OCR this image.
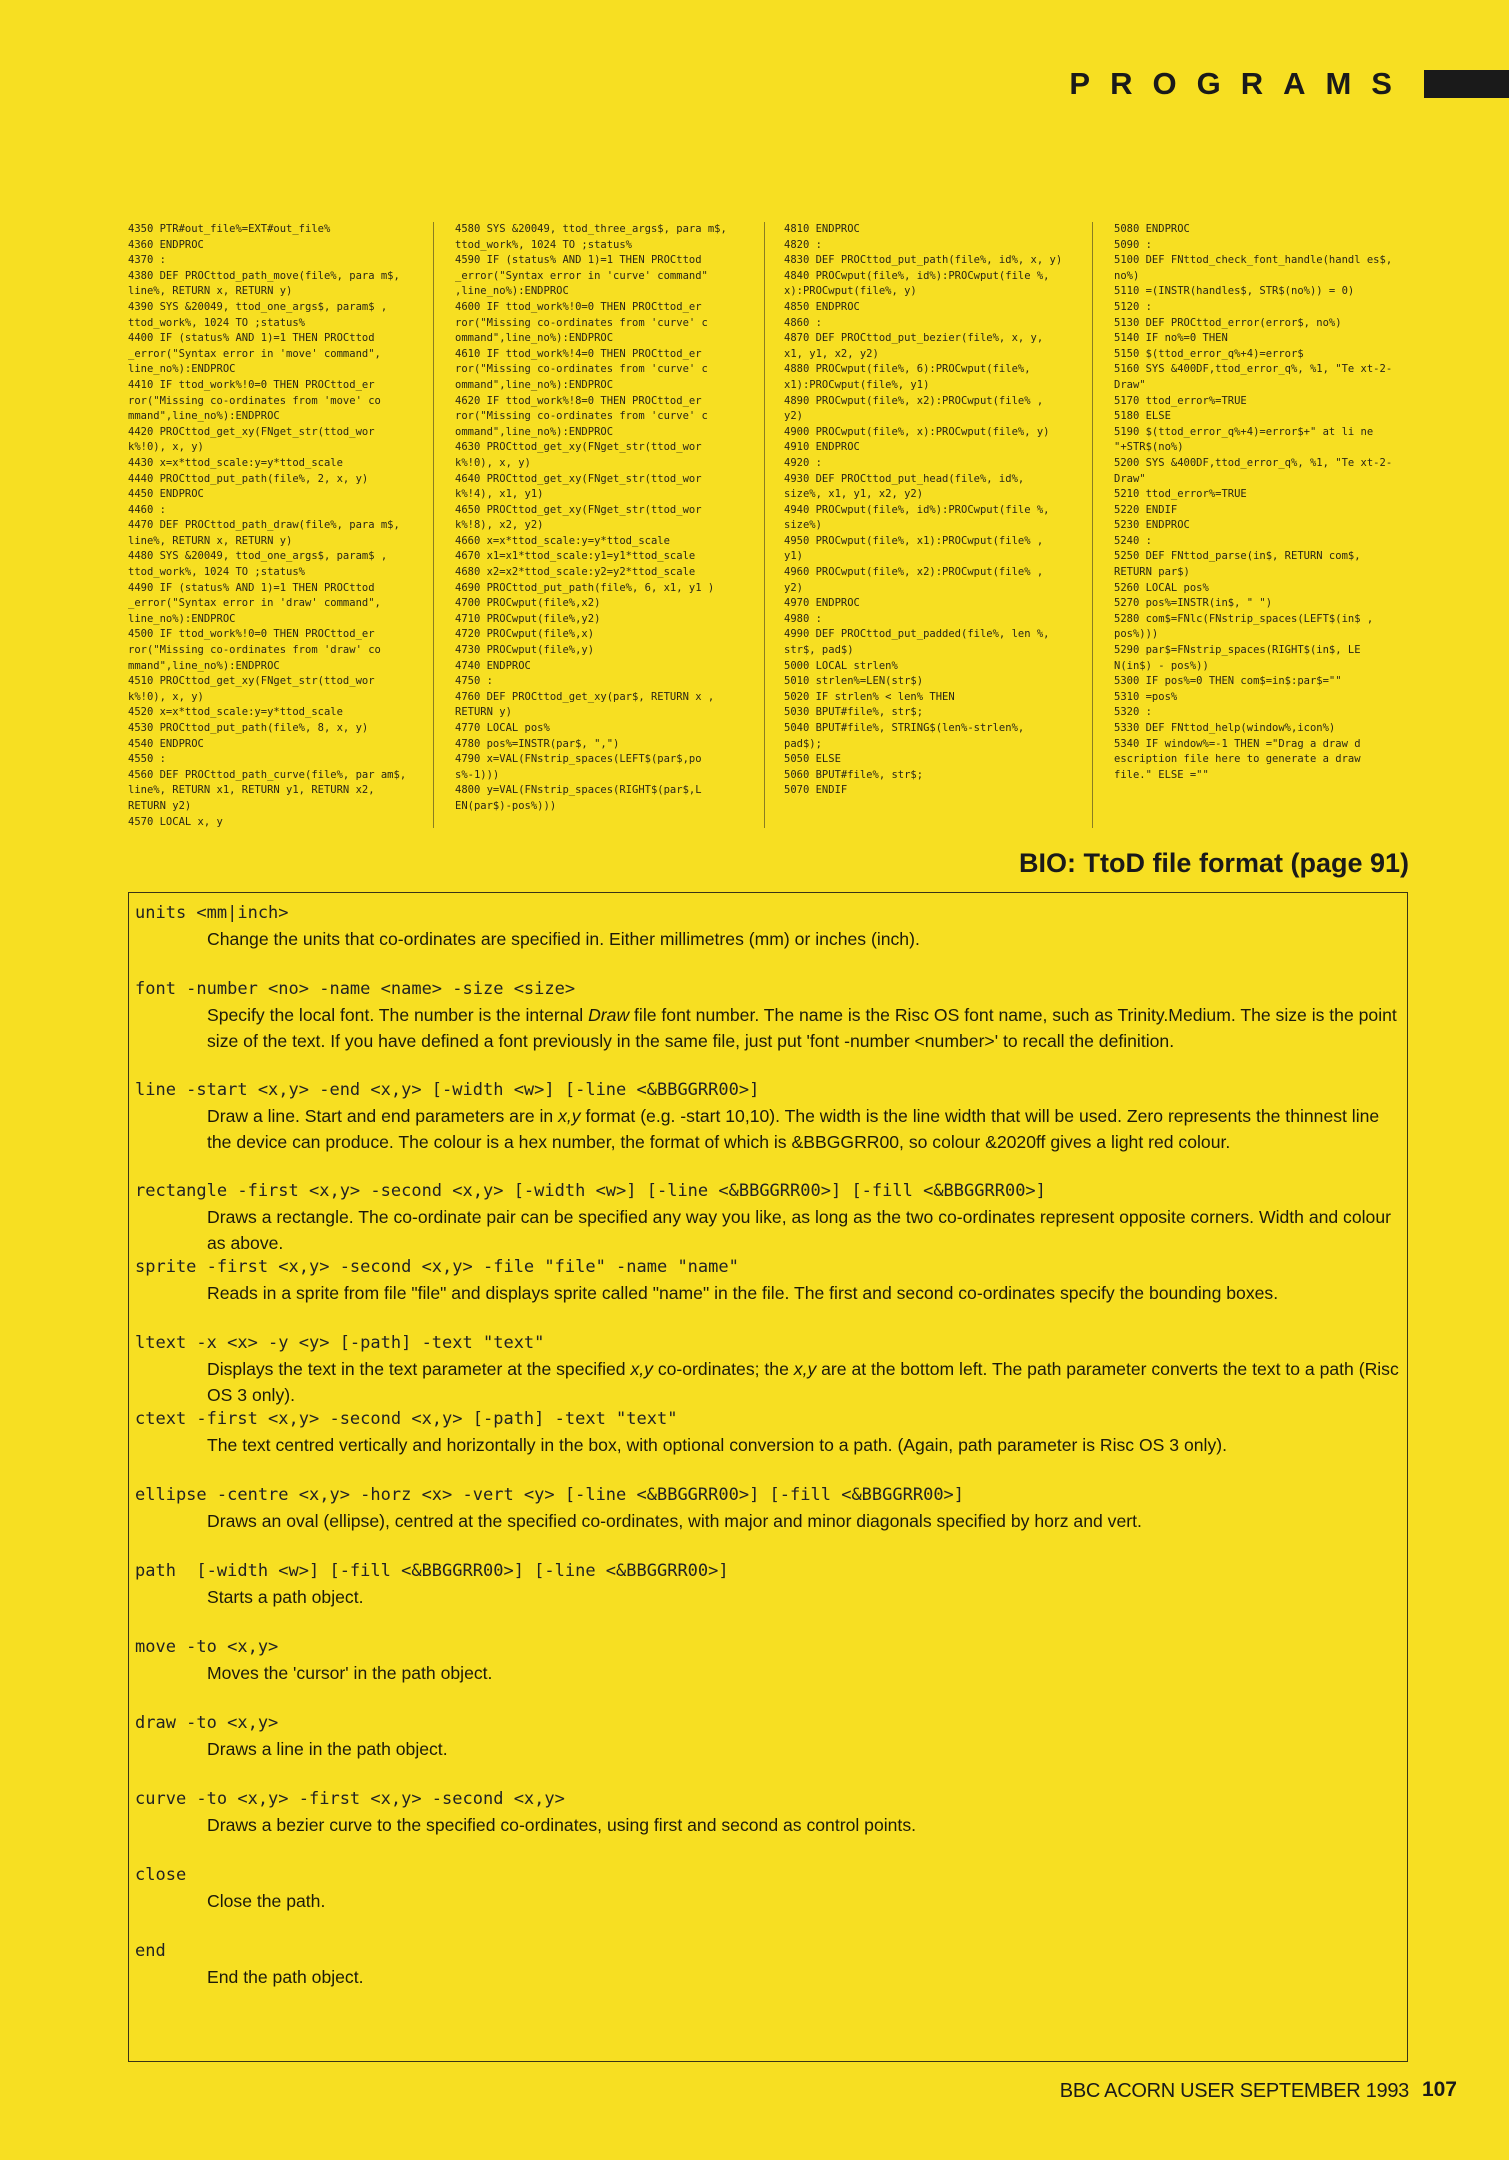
PROGRAMS
4350 PTR#out_file%=EXT#out_file%
4360 ENDPROC
4370 :
4380 DEF PROCttod_path_move(file%, para m$, line%, RETURN x, RETURN y)
4390 SYS &20049, ttod_one_args$, param$ , ttod_work%, 1024 TO ;status%
4400 IF (status% AND 1)=1 THEN PROCttod _error("Syntax error in 'move' command", line_no%):ENDPROC
4410 IF ttod_work%!0=0 THEN PROCttod_er ror("Missing co-ordinates from 'move' co mmand",line_no%):ENDPROC
4420 PROCttod_get_xy(FNget_str(ttod_wor k%!0), x, y)
4430 x=x*ttod_scale:y=y*ttod_scale
4440 PROCttod_put_path(file%, 2, x, y)
4450 ENDPROC
4460 :
4470 DEF PROCttod_path_draw(file%, para m$, line%, RETURN x, RETURN y)
4480 SYS &20049, ttod_one_args$, param$ , ttod_work%, 1024 TO ;status%
4490 IF (status% AND 1)=1 THEN PROCttod _error("Syntax error in 'draw' command", line_no%):ENDPROC
4500 IF ttod_work%!0=0 THEN PROCttod_er ror("Missing co-ordinates from 'draw' co mmand",line_no%):ENDPROC
4510 PROCttod_get_xy(FNget_str(ttod_wor k%!0), x, y)
4520 x=x*ttod_scale:y=y*ttod_scale
4530 PROCttod_put_path(file%, 8, x, y)
4540 ENDPROC
4550 :
4560 DEF PROCttod_path_curve(file%, par am$, line%, RETURN x1, RETURN y1, RETURN x2, RETURN y2)
4570 LOCAL x, y
4580 SYS &20049, ttod_three_args$, para m$, ttod_work%, 1024 TO ;status%
4590 IF (status% AND 1)=1 THEN PROCttod _error("Syntax error in 'curve' command" ,line_no%):ENDPROC
4600 IF ttod_work%!0=0 THEN PROCttod_er ror("Missing co-ordinates from 'curve' c ommand",line_no%):ENDPROC
4610 IF ttod_work%!4=0 THEN PROCttod_er ror("Missing co-ordinates from 'curve' c ommand",line_no%):ENDPROC
4620 IF ttod_work%!8=0 THEN PROCttod_er ror("Missing co-ordinates from 'curve' c ommand",line_no%):ENDPROC
4630 PROCttod_get_xy(FNget_str(ttod_wor k%!0), x, y)
4640 PROCttod_get_xy(FNget_str(ttod_wor k%!4), x1, y1)
4650 PROCttod_get_xy(FNget_str(ttod_wor k%!8), x2, y2)
4660 x=x*ttod_scale:y=y*ttod_scale
4670 x1=x1*ttod_scale:y1=y1*ttod_scale
4680 x2=x2*ttod_scale:y2=y2*ttod_scale
4690 PROCttod_put_path(file%, 6, x1, y1 )
4700 PROCwput(file%,x2)
4710 PROCwput(file%,y2)
4720 PROCwput(file%,x)
4730 PROCwput(file%,y)
4740 ENDPROC
4750 :
4760 DEF PROCttod_get_xy(par$, RETURN x , RETURN y)
4770 LOCAL pos%
4780 pos%=INSTR(par$, ",")
4790 x=VAL(FNstrip_spaces(LEFT$(par$,po s%-1)))
4800 y=VAL(FNstrip_spaces(RIGHT$(par$,L EN(par$)-pos%)))
4810 ENDPROC
4820 :
4830 DEF PROCttod_put_path(file%, id%, x, y)
4840 PROCwput(file%, id%):PROCwput(file %, x):PROCwput(file%, y)
4850 ENDPROC
4860 :
4870 DEF PROCttod_put_bezier(file%, x, y, x1, y1, x2, y2)
4880 PROCwput(file%, 6):PROCwput(file%, x1):PROCwput(file%, y1)
4890 PROCwput(file%, x2):PROCwput(file% , y2)
4900 PROCwput(file%, x):PROCwput(file%, y)
4910 ENDPROC
4920 :
4930 DEF PROCttod_put_head(file%, id%, size%, x1, y1, x2, y2)
4940 PROCwput(file%, id%):PROCwput(file %, size%)
4950 PROCwput(file%, x1):PROCwput(file% , y1)
4960 PROCwput(file%, x2):PROCwput(file% , y2)
4970 ENDPROC
4980 :
4990 DEF PROCttod_put_padded(file%, len %, str$, pad$)
5000 LOCAL strlen%
5010 strlen%=LEN(str$)
5020 IF strlen% < len% THEN
5030 BPUT#file%, str$;
5040 BPUT#file%, STRING$(len%-strlen%, pad$);
5050 ELSE
5060 BPUT#file%, str$;
5070 ENDIF
5080 ENDPROC
5090 :
5100 DEF FNttod_check_font_handle(handl es$, no%)
5110 =(INSTR(handles$, STR$(no%)) = 0)
5120 :
5130 DEF PROCttod_error(error$, no%)
5140 IF no%=0 THEN
5150 $(ttod_error_q%+4)=error$
5160 SYS &400DF,ttod_error_q%, %1, "Te xt-2-Draw"
5170 ttod_error%=TRUE
5180 ELSE
5190 $(ttod_error_q%+4)=error$+" at li ne "+STR$(no%)
5200 SYS &400DF,ttod_error_q%, %1, "Te xt-2-Draw"
5210 ttod_error%=TRUE
5220 ENDIF
5230 ENDPROC
5240 :
5250 DEF FNttod_parse(in$, RETURN com$, RETURN par$)
5260 LOCAL pos%
5270 pos%=INSTR(in$, " ")
5280 com$=FNlc(FNstrip_spaces(LEFT$(in$ , pos%)))
5290 par$=FNstrip_spaces(RIGHT$(in$, LE N(in$) - pos%))
5300 IF pos%=0 THEN com$=in$:par$=""
5310 =pos%
5320 :
5330 DEF FNttod_help(window%,icon%)
5340 IF window%=-1 THEN ="Drag a draw d escription file here to generate a draw file." ELSE =""
BIO: TtoD file format (page 91)
units <mm|inch>
Change the units that co-ordinates are specified in. Either millimetres (mm) or inches (inch).
font -number <no> -name <name> -size <size>
Specify the local font. The number is the internal Draw file font number. The name is the Risc OS font name, such as Trinity.Medium. The size is the point size of the text. If you have defined a font previously in the same file, just put 'font -number <number>' to recall the definition.
line -start <x,y> -end <x,y> [-width <w>] [-line <&BBGGRR00>]
Draw a line. Start and end parameters are in x,y format (e.g. -start 10,10). The width is the line width that will be used. Zero represents the thinnest line the device can produce. The colour is a hex number, the format of which is &BBGGRR00, so colour &2020ff gives a light red colour.
rectangle -first <x,y> -second <x,y> [-width <w>] [-line <&BBGGRR00>] [-fill <&BBGGRR00>]
Draws a rectangle. The co-ordinate pair can be specified any way you like, as long as the two co-ordinates represent opposite corners. Width and colour as above.
sprite -first <x,y> -second <x,y> -file "file" -name "name"
Reads in a sprite from file "file" and displays sprite called "name" in the file. The first and second co-ordinates specify the bounding boxes.
ltext -x <x> -y <y> [-path] -text "text"
Displays the text in the text parameter at the specified x,y co-ordinates; the x,y are at the bottom left. The path parameter converts the text to a path (Risc OS 3 only).
ctext -first <x,y> -second <x,y> [-path] -text "text"
The text centred vertically and horizontally in the box, with optional conversion to a path. (Again, path parameter is Risc OS 3 only).
ellipse -centre <x,y> -horz <x> -vert <y> [-line <&BBGGRR00>] [-fill <&BBGGRR00>]
Draws an oval (ellipse), centred at the specified co-ordinates, with major and minor diagonals specified by horz and vert.
path  [-width <w>] [-fill <&BBGGRR00>] [-line <&BBGGRR00>]
Starts a path object.
move -to <x,y>
Moves the 'cursor' in the path object.
draw -to <x,y>
Draws a line in the path object.
curve -to <x,y> -first <x,y> -second <x,y>
Draws a bezier curve to the specified co-ordinates, using first and second as control points.
close
Close the path.
end
End the path object.
BBC ACORN USER SEPTEMBER 1993 107
